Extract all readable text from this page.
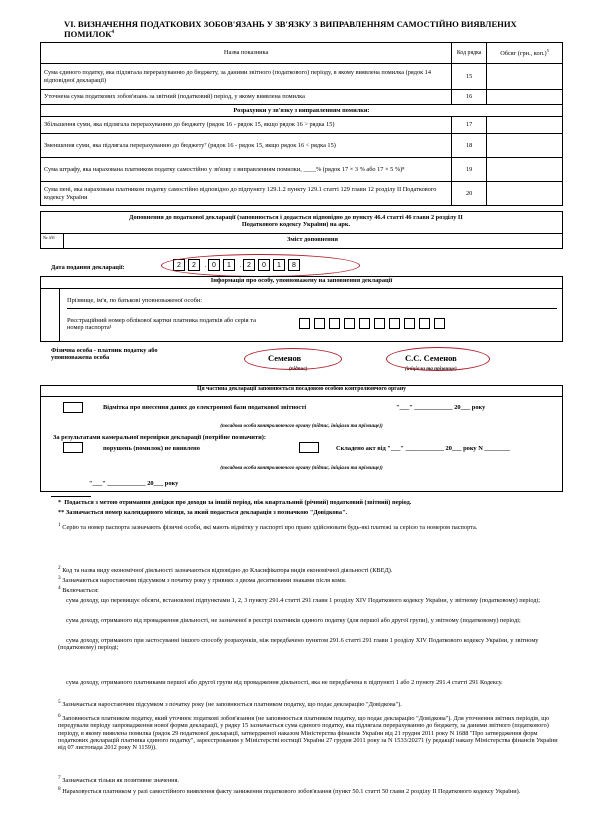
VI. ВИЗНАЧЕННЯ ПОДАТКОВИХ ЗОБОВ'ЯЗАНЬ У ЗВ'ЯЗКУ З ВИПРАВЛЕННЯМ САМОСТІЙНО ВИЯВЛЕНИХ ПОМИЛОК$^4$
Назва показника	Код рядка	Обсяг (грн., коп.)$^5$
Сума єдиного податку, яка підлягала перерахуванню до бюджету, за даними звітного (податкового) періоду, в якому виявлена помилка (рядок 14 відповідної декларації)	15	
Уточнена сума податкових зобов'язань за звітний (податковий) період, у якому виявлена помилка	16	
Розрахунки у зв'язку з виправленням помилки:		
Збільшення суми, яка підлягала перерахуванню до бюджету (рядок 16 - рядок 15, якщо рядок 16 > рядка 15)	17	
Зменшення суми, яка підлягала перерахуванню до бюджету⁷ (рядок 16 - рядок 15, якщо рядок 16 < рядка 15)	18	
Сума штрафу, яка нарахована платником податку самостійно у зв'язку з виправленням помилки, ____% (рядок 17 × 3 % або 17 × 5 %)⁸	19	
Сума пені, яка нарахована платником податку самостійно відповідно до підпункту 129.1.2 пункту 129.1 статті 129 глави 12 розділу II Податкового кодексу України	20	
Доповнення до податкової декларації (заповнюється і додається відповідно до пункту 46.4 статті 46 глави 2 розділу II Податкового кодексу України) на арк.
№ з/п	Зміст доповнення
Дата подання декларації:	2 2 . 0 1 . 2 0 1 8
Інформація про особу, уповноважену на заповнення декларації
Прізвище, ім'я, по батькові уповноваженої особи:
Реєстраційний номер облікової картки платника податків або серія та номер паспорта¹
Фізична особа - платник податку або уповноважена особа	Семенов
(підпис)
С.С. Семенов
(ініціали та прізвище)
Ця частина декларації заповнюється посадовою особою контролюючого органу
Відмітка про внесення даних до електронної бази податкової звітності	"___" ____________ 20___ року
(посадова особа контролюючого органу (підпис, ініціали та прізвище))
За результатами камеральної перевірки декларації (потрібне позначити):
порушень (помилок) не виявлено	Складено акт від "___" ____________ 20___ року N ________
(посадова особа контролюючого органу (підпис, ініціали та прізвище))
"___" ____________ 20___ року
*  Подається з метою отримання довідки про доходи за іншій період, ніж квартальний (річний) податковий (звітний) період.
** Зазначається номер календарного місяця, за який подається декларація з позначкою "Довідкова".
$^1$ Серію та номер паспорта зазначають фізичні особи, які мають відмітку у паспорті про право здійснювати будь-які платежі за серією та номером паспорта.
$^2$ Код та назва виду економічної діяльності зазначаються відповідно до Класифікатора видів економічної діяльності (КВЕД).
$^3$ Зазначаються наростаючим підсумком з початку року у гривнях з двома десятковими знаками після коми.
$^4$ Включається:
сума доходу, що перевищує обсяги, встановлені підпунктами 1, 2, 3 пункту 291.4 статті 291 глави 1 розділу XIV Податкового кодексу України, у звітному (податковому) періоді;
сума доходу, отриманого від провадження діяльності, не зазначеної в реєстрі платників єдиного податку (для першої або другої групи), у звітному (податковому) періоді;
сума доходу, отриманого при застосуванні іншого способу розрахунків, ніж передбачено пунктом 291.6 статті 291 глави 1 розділу XIV Податкового кодексу України, у звітному (податковому) періоді;
сума доходу, отриманого платниками першої або другої групи від провадження діяльності, яка не передбачена в підпункті 1 або 2 пункту 291.4 статті 291 Кодексу.
$^5$ Зазначається наростаючим підсумком з початку року (не заповнюється платником податку, що подає декларацію "Довідкова").
$^6$ Заповнюється платником податку, який уточнює податкові зобов'язання (не заповнюється платником податку, що подає декларацію "Довідкова"). Для уточнення звітних періодів, що передували періоду запровадження нової форми декларації, у рядку 15 зазначається сума єдиного податку, яка підлягала перерахуванню до бюджету, за даними звітного (податкового) періоду, в якому виявлена помилка (рядок 29 податкової декларації, затвердженої наказом Міністерства фінансів України від 21 грудня 2011 року N 1688 "Про затвердження форм податкових декларацій платника єдиного податку", зареєстрованим у Міністерстві юстиції України 27 грудня 2011 року за N 1533/20271 (у редакції наказу Міністерства фінансів України від 07 листопада 2012 року N 1159)).
$^7$ Зазначається тільки як позитивне значення.
$^8$ Нараховується платником у разі самостійного виявлення факту заниження податкового зобов'язання (пункт 50.1 статті 50 глави 2 розділу II Податкового кодексу України).
